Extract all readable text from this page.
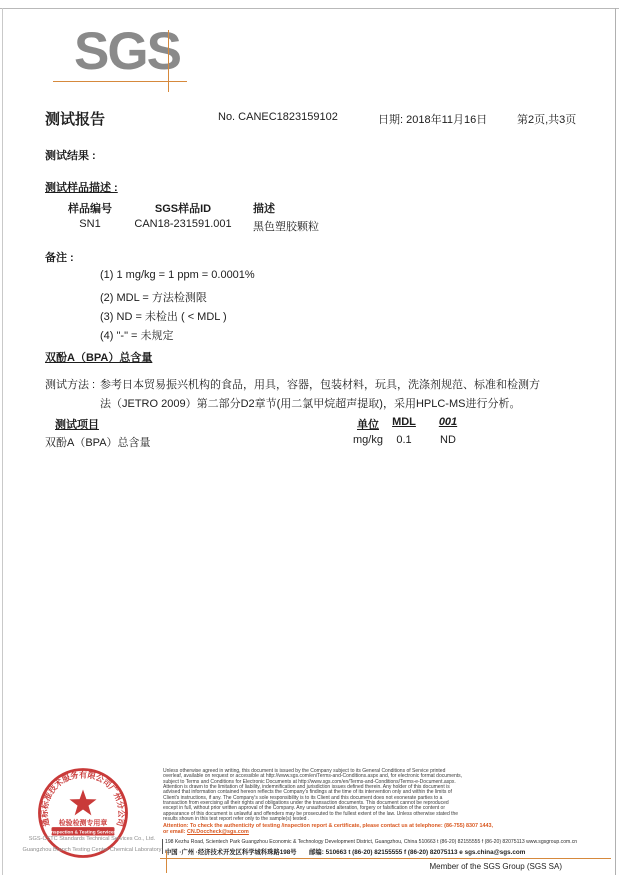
SGS
测试报告	No. CANEC1823159102	日期: 2018年11月16日	第2页,共3页
测试结果 :
测试样品描述 :
样品编号	SGS样品ID	描述
SN1	CAN18-231591.001	黑色塑胶颗粒
备注 :
(1) 1 mg/kg = 1 ppm = 0.0001%
(2) MDL = 方法检测限
(3) ND = 未检出 ( < MDL )
(4) "-" = 未规定
双酚A（BPA）总含量
测试方法 : 参考日本贸易振兴机构的食品，用具，容器，包装材料，玩具，洗涤剂规范、标准和检测方
法（JETRO 2009）第二部分D2章节(用二氯甲烷超声提取)，采用HPLC-MS进行分析。
测试项目	单位	MDL	001
双酚A（BPA）总含量	mg/kg	0.1	ND
通标标准技术服务有限公司广州分公司
检验检测专用章
Inspection & Testing Services
SGS-CSTC Standards Technical Services Co., Ltd.
Guangzhou Branch Testing Center Chemical Laboratory
Unless otherwise agreed in writing, this document is issued by the Company subject to its General Conditions of Service printed
overleaf, available on request or accessible at http://www.sgs.com/en/Terms-and-Conditions.aspx and, for electronic format documents,
subject to Terms and Conditions for Electronic Documents at http://www.sgs.com/en/Terms-and-Conditions/Terms-e-Document.aspx.
Attention is drawn to the limitation of liability, indemnification and jurisdiction issues defined therein. Any holder of this document is
advised that information contained hereon reflects the Company's findings at the time of its intervention only and within the limits of
Client's instructions, if any. The Company's sole responsibility is to its Client and this document does not exonerate parties to a
transaction from exercising all their rights and obligations under the transaction documents. This document cannot be reproduced
except in full, without prior written approval of the Company. Any unauthorized alteration, forgery or falsification of the content or
appearance of this document is unlawful and offenders may be prosecuted to the fullest extent of the law. Unless otherwise stated the
results shown in this test report refer only to the sample(s) tested .
Attention: To check the authenticity of testing /inspection report & certificate, please contact us at telephone: (86-755) 8307 1443,
or email: CN.Doccheck@sgs.com
198 Kezhu Road, Scientech Park Guangzhou Economic & Technology Development District, Guangzhou, China 510663 t (86-20) 82155555 f (86-20) 82075113 www.sgsgroup.com.cn
中国 ·广州 ·经济技术开发区科学城科珠路198号　　邮编: 510663 t (86-20) 82155555 f (86-20) 82075113 e sgs.china@sgs.com
Member of the SGS Group (SGS SA)
